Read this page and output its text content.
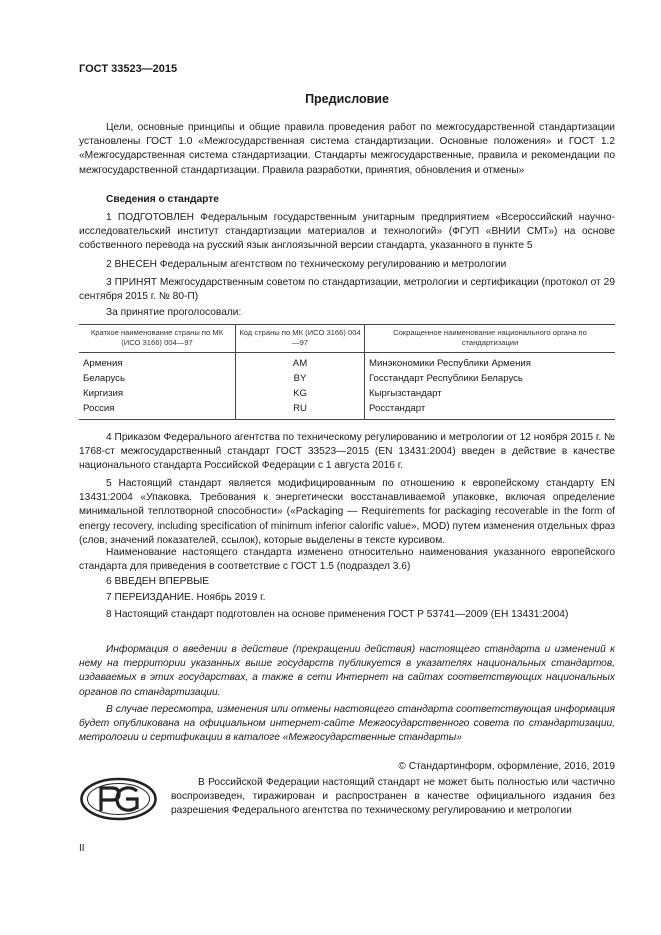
ГОСТ 33523—2015
Предисловие
Цели, основные принципы и общие правила проведения работ по межгосударственной стандартизации установлены ГОСТ 1.0 «Межгосударственная система стандартизации. Основные положения» и ГОСТ 1.2 «Межгосударственная система стандартизации. Стандарты межгосударственные, правила и рекомендации по межгосударственной стандартизации. Правила разработки, принятия, обновления и отмены»
Сведения о стандарте
1 ПОДГОТОВЛЕН Федеральным государственным унитарным предприятием «Всероссийский научно-исследовательский институт стандартизации материалов и технологий» (ФГУП «ВНИИ СМТ») на основе собственного перевода на русский язык англоязычной версии стандарта, указанного в пункте 5
2 ВНЕСЕН Федеральным агентством по техническому регулированию и метрологии
3 ПРИНЯТ Межгосударственным советом по стандартизации, метрологии и сертификации (протокол от 29 сентября 2015 г. № 80-П)
За принятие проголосовали:
Краткое наименование страны по МК (ИСО 3166) 004—97	Код страны по МК (ИСО 3166) 004—97	Сокращенное наименование национального органа по стандартизации
Армения	AM	Минэкономики Республики Армения
Беларусь	BY	Госстандарт Республики Беларусь
Киргизия	KG	Кыргызстандарт
Россия	RU	Росстандарт
4 Приказом Федерального агентства по техническому регулированию и метрологии от 12 ноября 2015 г. № 1768-ст межгосударственный стандарт ГОСТ 33523—2015 (EN 13431:2004) введен в действие в качестве национального стандарта Российской Федерации с 1 августа 2016 г.
5 Настоящий стандарт является модифицированным по отношению к европейскому стандарту EN 13431:2004 «Упаковка. Требования к энергетически восстанавливаемой упаковке, включая определение минимальной теплотворной способности» («Packaging — Requirements for packaging recoverable in the form of energy recovery, including specification of minimum inferior calorific value», MOD) путем изменения отдельных фраз (слов, значений показателей, ссылок), которые выделены в тексте курсивом.
Наименование настоящего стандарта изменено относительно наименования указанного европейского стандарта для приведения в соответствие с ГОСТ 1.5 (подраздел 3.6)
6 ВВЕДЕН ВПЕРВЫЕ
7 ПЕРЕИЗДАНИЕ. Ноябрь 2019 г.
8 Настоящий стандарт подготовлен на основе применения ГОСТ Р 53741—2009 (ЕН 13431:2004)
Информация о введении в действие (прекращении действия) настоящего стандарта и изменений к нему на территории указанных выше государств публикуется в указателях национальных стандартов, издаваемых в этих государствах, а также в сети Интернет на сайтах соответствующих национальных органов по стандартизации.
В случае пересмотра, изменения или отмены настоящего стандарта соответствующая информация будет опубликована на официальном интернет-сайте Межгосударственного совета по стандартизации, метрологии и сертификации в каталоге «Межгосударственные стандарты»
© Стандартинформ, оформление, 2016, 2019
В Российской Федерации настоящий стандарт не может быть полностью или частично воспроизведен, тиражирован и распространен в качестве официального издания без разрешения Федерального агентства по техническому регулированию и метрологии
II
